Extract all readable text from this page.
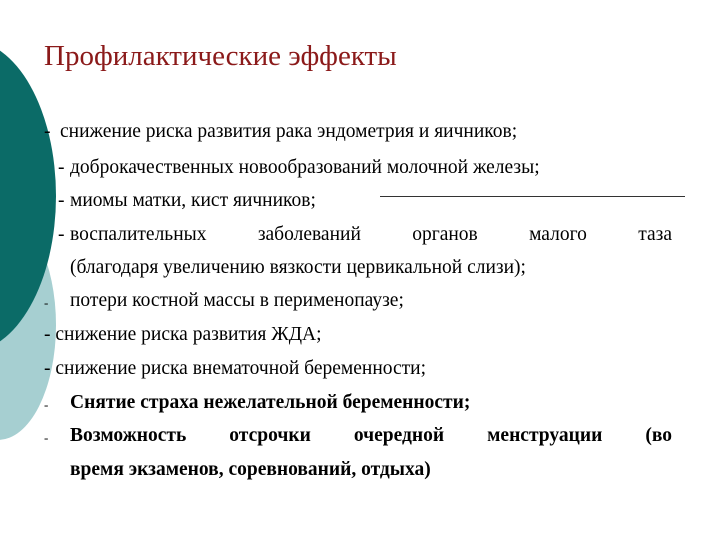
Профилактические эффекты
- снижение риска развития рака эндометрия и яичников;
- доброкачественных новообразований молочной железы;
- миомы матки, кист яичников;
- воспалительных заболеваний органов малого таза
(благодаря увеличению вязкости цервикальной слизи);
- потери костной массы в перименопаузе;
- снижение риска развития ЖДА;
- снижение риска внематочной беременности;
- Снятие страха нежелательной беременности;
- Возможность отсрочки очередной менструации (во
время экзаменов, соревнований, отдыха)
